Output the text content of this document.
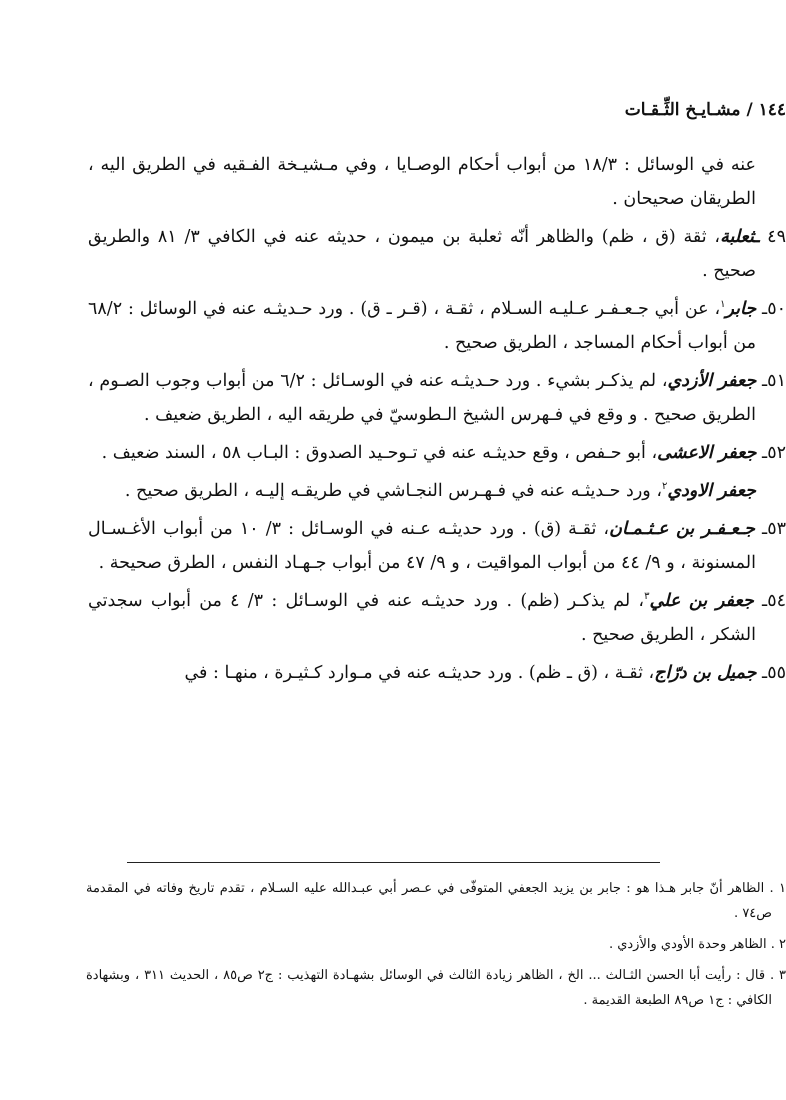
١٤٤ / مشـايـخ الثِّـقـات

عنه في الوسائل : ١٨/٣ من أبواب أحكام الوصـايا ، وفي مـشيـخة الفـقيه في الطريق اليه ، الطريقان صحيحان .

٤٩ ـثعلبة، ثقة (ق ، ظم) والظاهر أنّه ثعلبة بن ميمون ، حديثه عنه في الكافي ٣/ ٨١ والطريق صحيح .

٥٠ـ جابر$^١$، عن أبي جـعـفـر عـليـه السـلام ، ثقـة ، (قـر ـ ق) . ورد حـديثـه عنه في الوسائل : ٦٨/٢ من أبواب أحكام المساجد ، الطريق صحيح .

٥١ـ جعفر الأزدي، لم يذكـر بشيء . ورد حـديثـه عنه في الوسـائل : ٦/٢ من أبواب وجوب الصـوم ، الطريق صحيح . و وقع في فـهرس الشيخ الـطوسيّ في طريقه اليه ، الطريق ضعيف .

٥٢ـ جعفر الاعشى، أبو حـفص ، وقع حديثـه عنه في تـوحـيد الصدوق : البـاب ٥٨ ، السند ضعيف .

جعفر الاودي$^٢$، ورد حـديثـه عنه في فـهـرس النجـاشي في طريقـه إليـه ، الطريق صحيح .

٥٣ـ جـعـفـر بن عـثـمـان، ثقـة (ق) . ورد حديثـه عـنه في الوسـائل : ٣/ ١٠ من أبواب الأغـسـال المسنونة ، و ٩/ ٤٤ من أبواب المواقيت ، و ٩/ ٤٧ من أبواب جـهـاد النفس ، الطرق صحيحة .

٥٤ـ جعفر بن علي$^٣$، لم يذكـر (ظم) . ورد حديثـه عنه في الوسـائل : ٣/ ٤ من أبواب سجدتي الشكر ، الطريق صحيح .

٥٥ـ جميل بن درّاج، ثقـة ، (ق ـ ظم) . ورد حديثـه عنه في مـوارد كـثيـرة ، منهـا : في

١ . الظاهر أنّ جابر هـذا هو : جابر بن يزيد الجعفي المتوفّى في عـصر أبي عبـدالله عليه السـلام ، تقدم تاريخ وفاته في المقدمة ص٧٤ .

٢ . الظاهر وحدة الأودي والأزدي .

٣ . قال : رأيت أبا الحسن الثـالث ... الخ ، الظاهر زيادة الثالث في الوسائل بشهـادة التهذيب : ج٢ ص٨٥ ، الحديث ٣١١ ، وبشهادة الكافي : ج١ ص٨٩ الطبعة القديمة .
